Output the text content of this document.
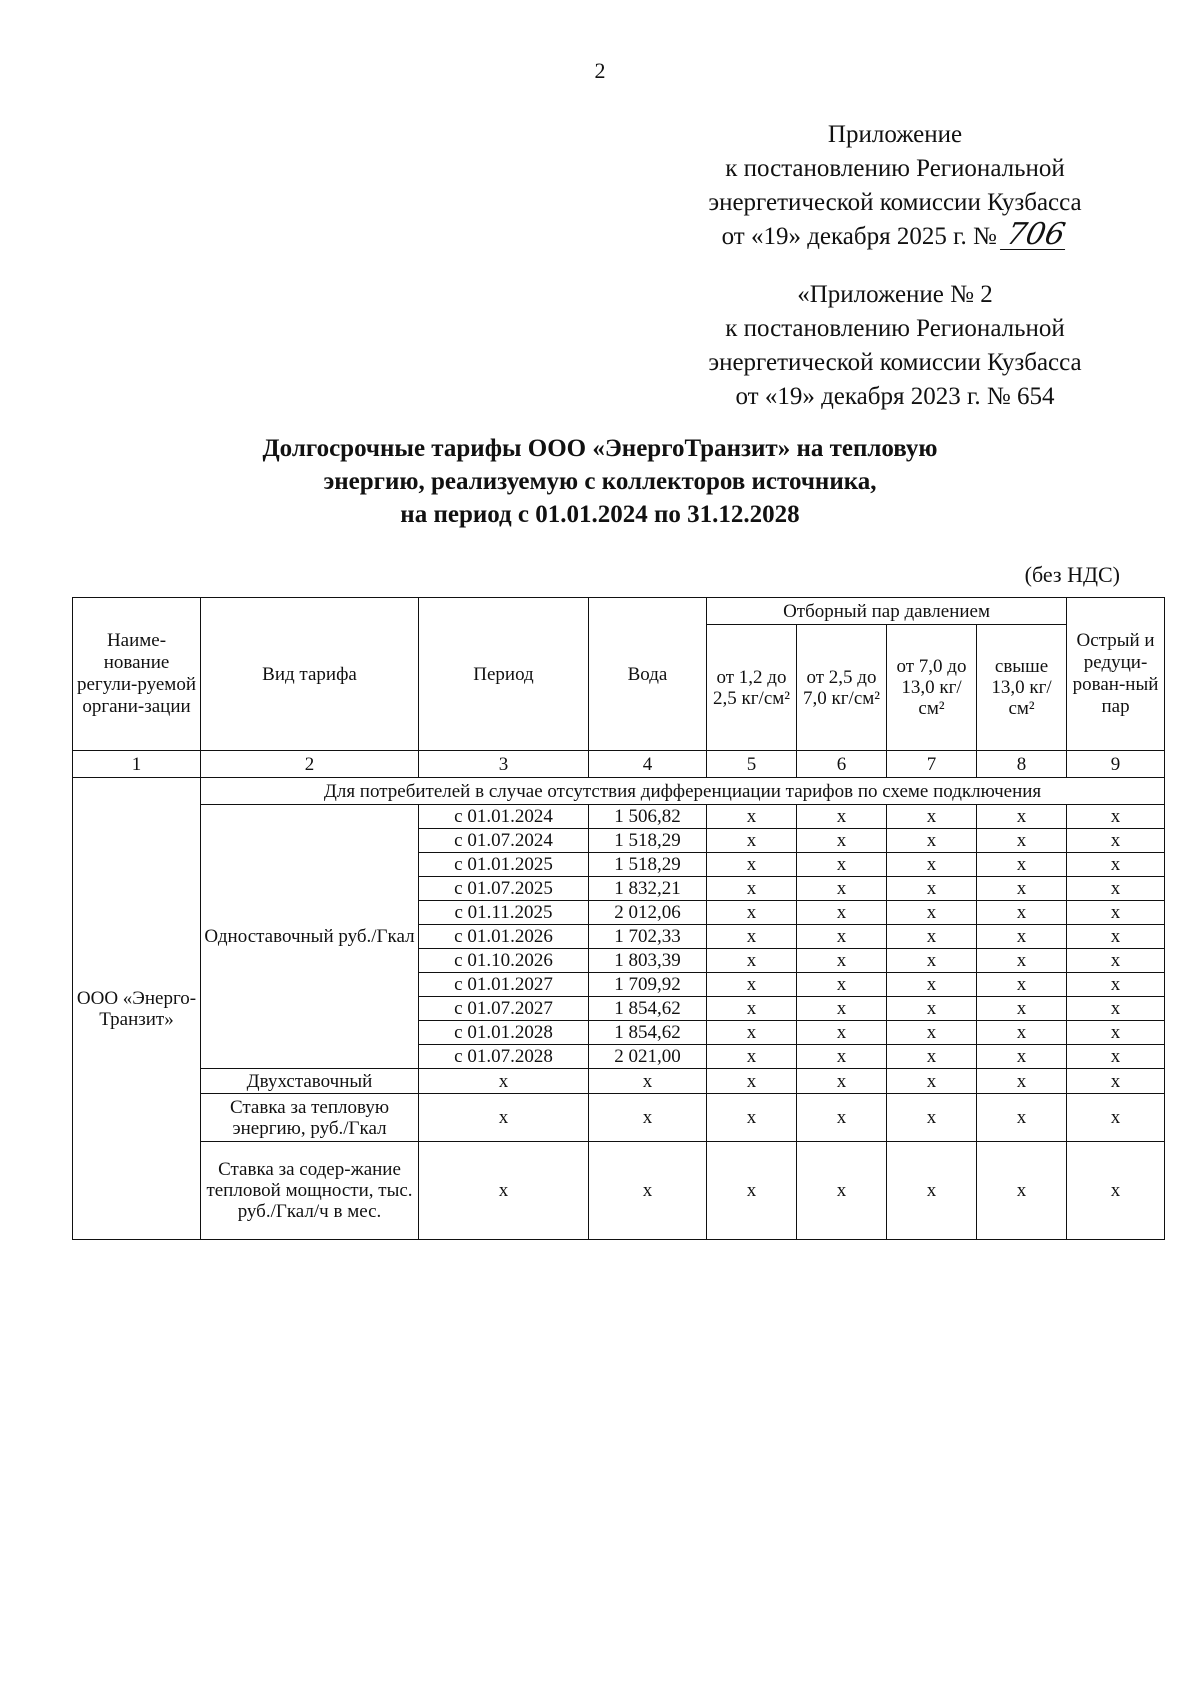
2
Приложение
к постановлению Региональной
энергетической комиссии Кузбасса
от «19» декабря 2025 г. № 706
«Приложение № 2
к постановлению Региональной
энергетической комиссии Кузбасса
от «19» декабря 2023 г. № 654
Долгосрочные тарифы ООО «ЭнергоТранзит» на тепловую
энергию, реализуемую с коллекторов источника,
на период с 01.01.2024 по 31.12.2028
(без НДС)
Наиме-нование регули-руемой органи-зации	Вид тарифа	Период	Вода	Отборный пар давлением				Острый и редуци-рован-ный пар
				от 1,2 до 2,5 кг/см²	от 2,5 до 7,0 кг/см²	от 7,0 до 13,0 кг/см²	свыше 13,0 кг/см²	
1	2	3	4	5	6	7	8	9
ООО «Энерго-Транзит»	Для потребителей в случае отсутствия дифференциации тарифов по схеме подключения							
	Одноставочный руб./Гкал	с 01.01.2024	1 506,82	х	х	х	х	х
		с 01.07.2024	1 518,29	х	х	х	х	х
		с 01.01.2025	1 518,29	х	х	х	х	х
		с 01.07.2025	1 832,21	х	х	х	х	х
		с 01.11.2025	2 012,06	х	х	х	х	х
		с 01.01.2026	1 702,33	х	х	х	х	х
		с 01.10.2026	1 803,39	х	х	х	х	х
		с 01.01.2027	1 709,92	х	х	х	х	х
		с 01.07.2027	1 854,62	х	х	х	х	х
		с 01.01.2028	1 854,62	х	х	х	х	х
		с 01.07.2028	2 021,00	х	х	х	х	х
	Двухставочный	х	х	х	х	х	х	х
	Ставка за тепловую энергию, руб./Гкал	х	х	х	х	х	х	х
	Ставка за содер-жание тепловой мощности, тыс. руб./Гкал/ч в мес.	х	х	х	х	х	х	х
